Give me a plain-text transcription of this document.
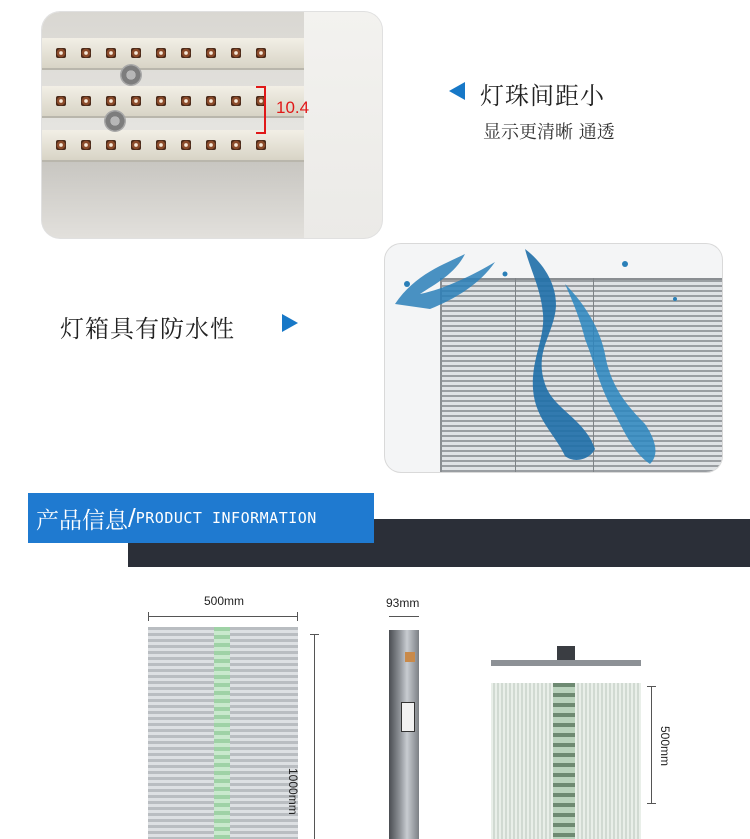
10.4	灯珠间距小
显示更清晰 通透
灯箱具有防水性
产品信息 / PRODUCT INFORMATION
500mm
1000mm
93mm
500mm
